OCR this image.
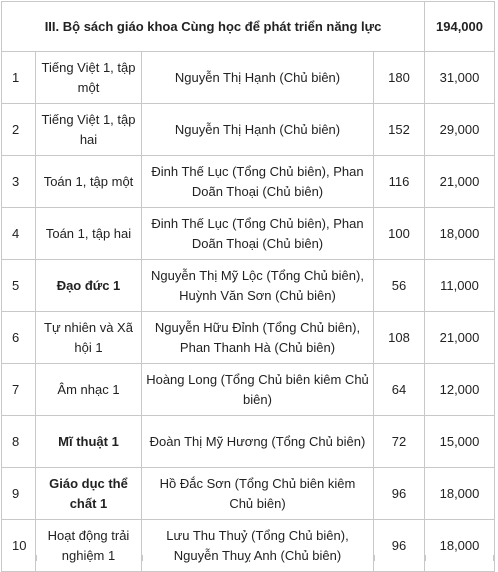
III. Bộ sách giáo khoa Cùng học để phát triển năng lực				194,000
1	Tiếng Việt 1, tập một	Nguyễn Thị Hạnh (Chủ biên)	180	31,000
2	Tiếng Việt 1, tập hai	Nguyễn Thị Hạnh (Chủ biên)	152	29,000
3	Toán 1, tập một	Đinh Thế Lục (Tổng Chủ biên), Phan Doãn Thoại (Chủ biên)	116	21,000
4	Toán 1, tập hai	Đinh Thế Lục (Tổng Chủ biên), Phan Doãn Thoại (Chủ biên)	100	18,000
5	Đạo đức 1	Nguyễn Thị Mỹ Lộc (Tổng Chủ biên), Huỳnh Văn Sơn (Chủ biên)	56	11,000
6	Tự nhiên và Xã hội 1	Nguyễn Hữu Đỉnh (Tổng Chủ biên), Phan Thanh Hà (Chủ biên)	108	21,000
7	Âm nhạc 1	Hoàng Long (Tổng Chủ biên kiêm Chủ biên)	64	12,000
8	Mĩ thuật 1	Đoàn Thị Mỹ Hương (Tổng Chủ biên)	72	15,000
9	Giáo dục thể chất 1	Hồ Đắc Sơn (Tổng Chủ biên kiêm Chủ biên)	96	18,000
10	Hoạt động trải nghiệm 1	Lưu Thu Thuỷ (Tổng Chủ biên), Nguyễn Thuỵ Anh (Chủ biên)	96	18,000
